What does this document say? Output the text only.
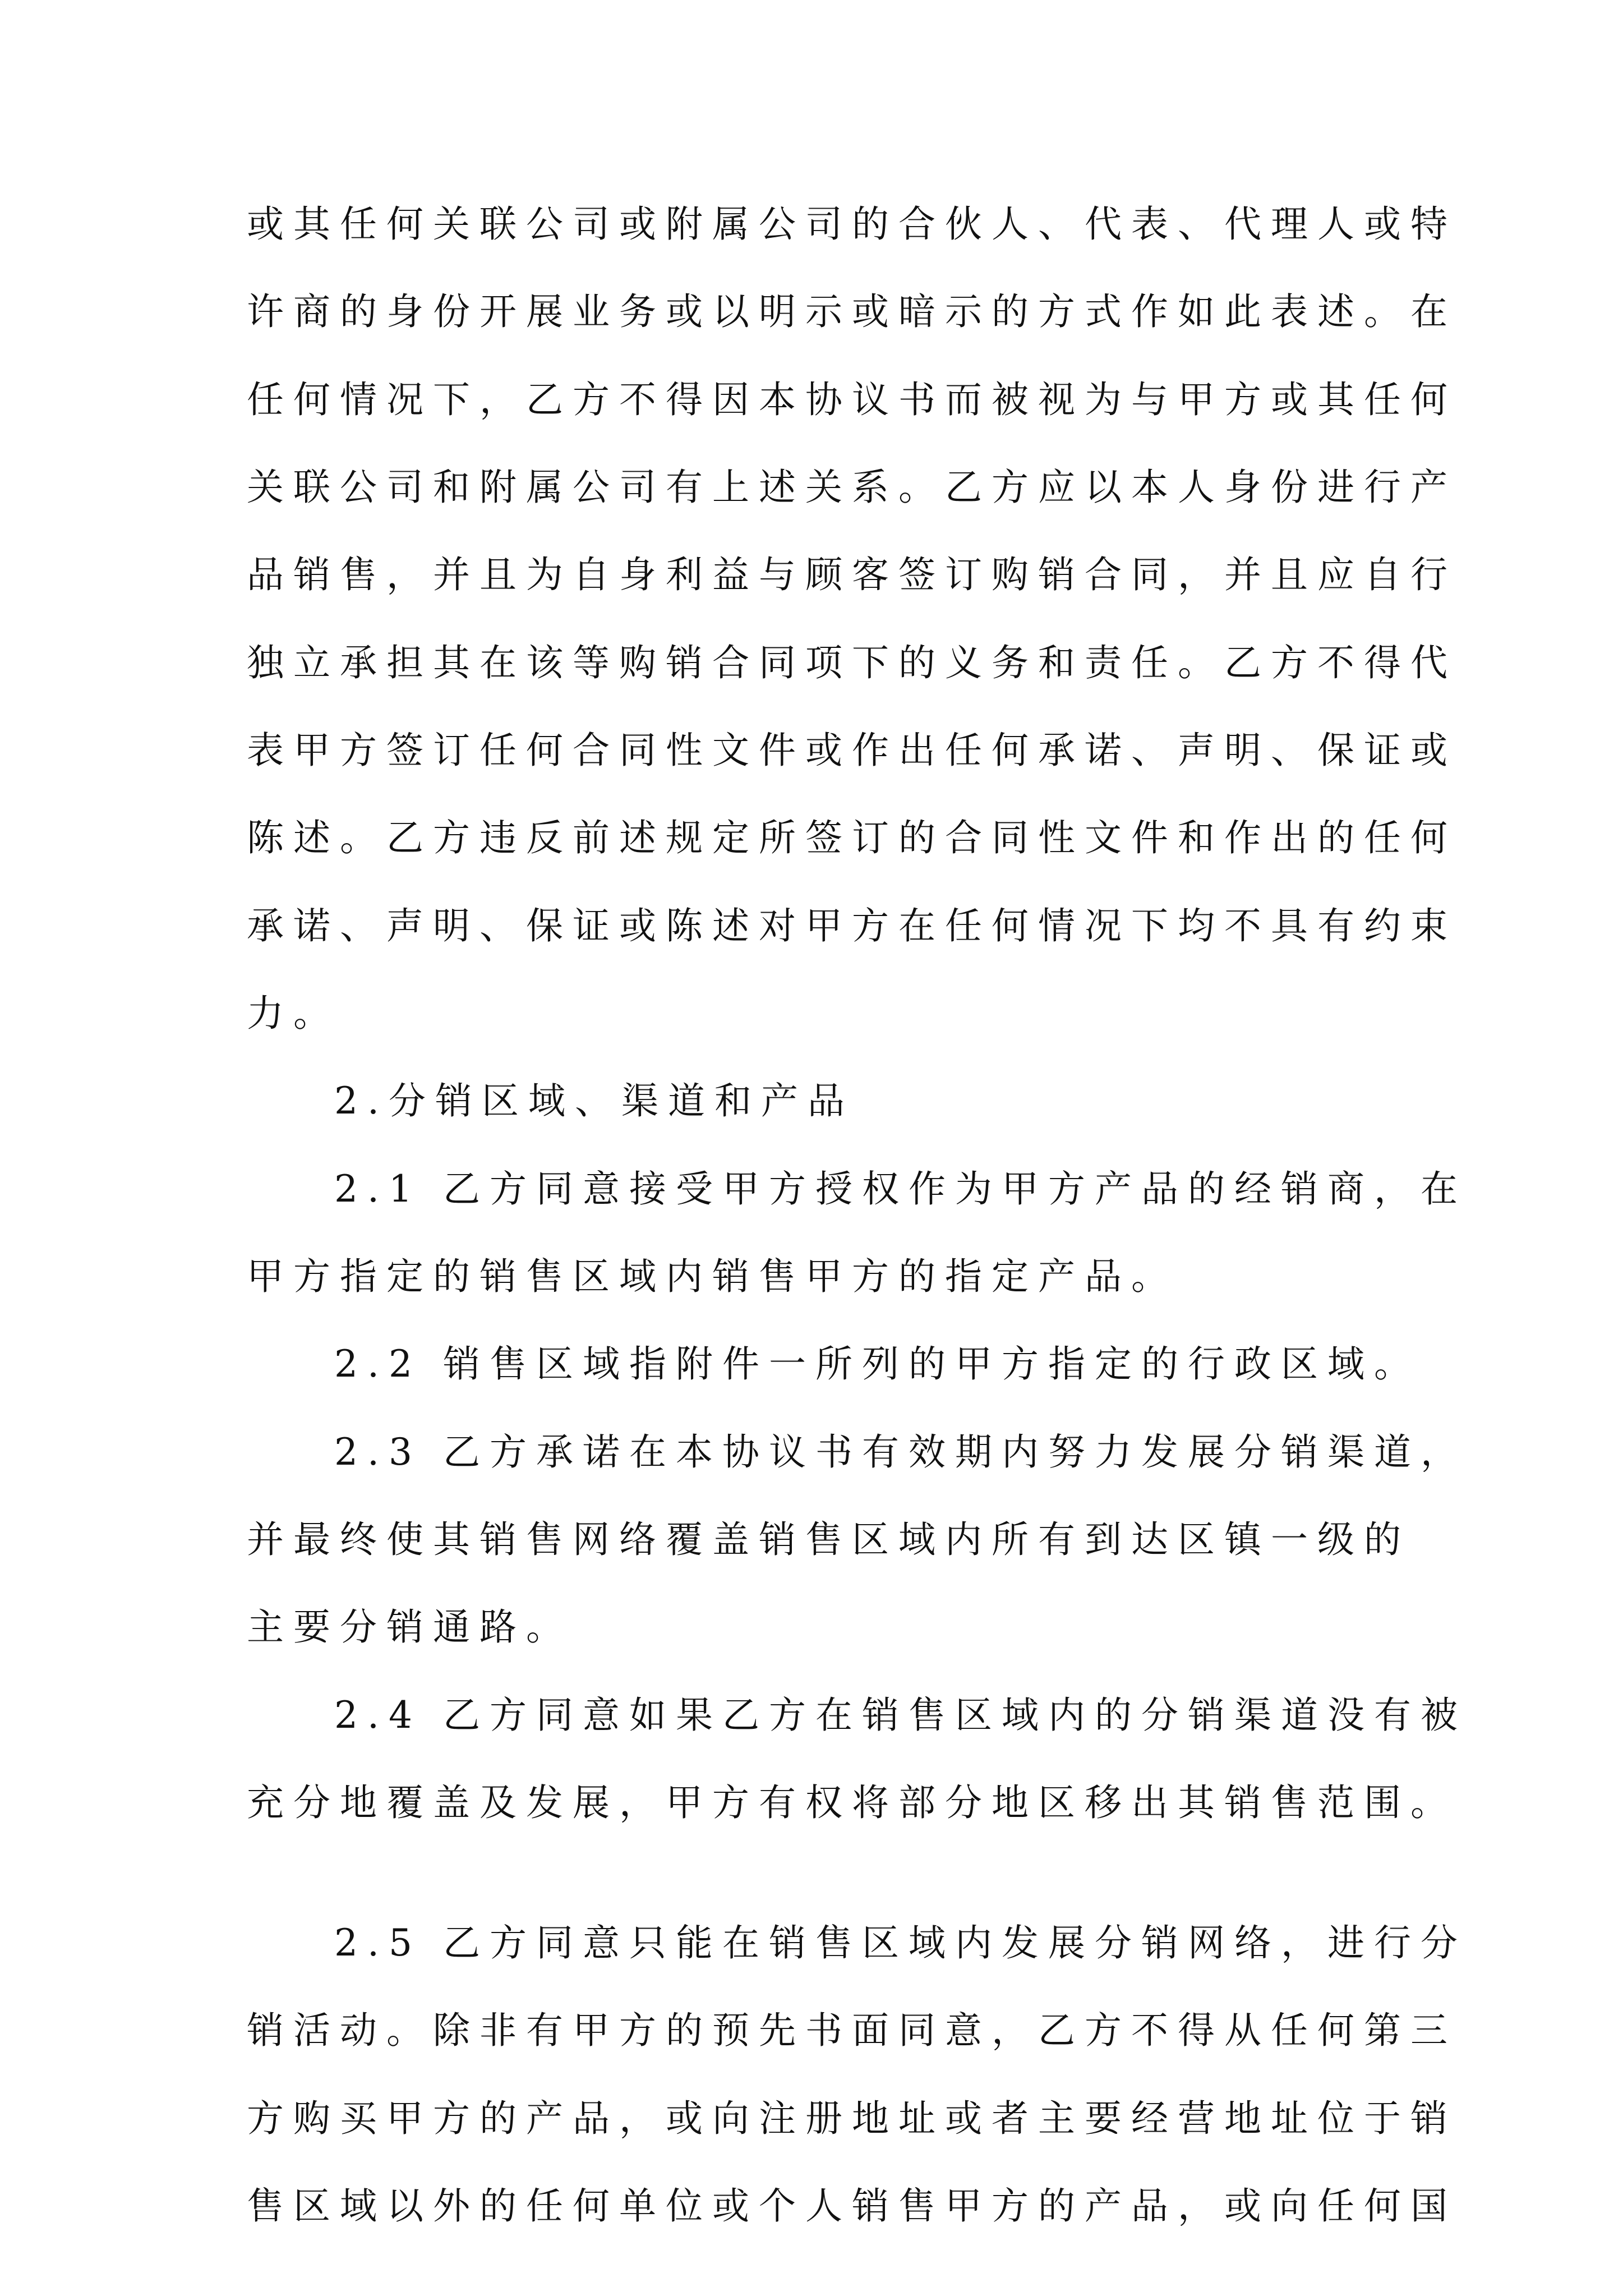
或其任何关联公司或附属公司的合伙人、代表、代理人或特
许商的身份开展业务或以明示或暗示的方式作如此表述。在
任何情况下，乙方不得因本协议书而被视为与甲方或其任何
关联公司和附属公司有上述关系。乙方应以本人身份进行产
品销售，并且为自身利益与顾客签订购销合同，并且应自行
独立承担其在该等购销合同项下的义务和责任。乙方不得代
表甲方签订任何合同性文件或作出任何承诺、声明、保证或
陈述。乙方违反前述规定所签订的合同性文件和作出的任何
承诺、声明、保证或陈述对甲方在任何情况下均不具有约束
力。
2.分销区域、渠道和产品
2.1 乙方同意接受甲方授权作为甲方产品的经销商，在
甲方指定的销售区域内销售甲方的指定产品。
2.2 销售区域指附件一所列的甲方指定的行政区域。
2.3 乙方承诺在本协议书有效期内努力发展分销渠道，
并最终使其销售网络覆盖销售区域内所有到达区镇一级的
主要分销通路。
2.4 乙方同意如果乙方在销售区域内的分销渠道没有被
充分地覆盖及发展，甲方有权将部分地区移出其销售范围。
2.5 乙方同意只能在销售区域内发展分销网络，进行分
销活动。除非有甲方的预先书面同意，乙方不得从任何第三
方购买甲方的产品，或向注册地址或者主要经营地址位于销
售区域以外的任何单位或个人销售甲方的产品，或向任何国
